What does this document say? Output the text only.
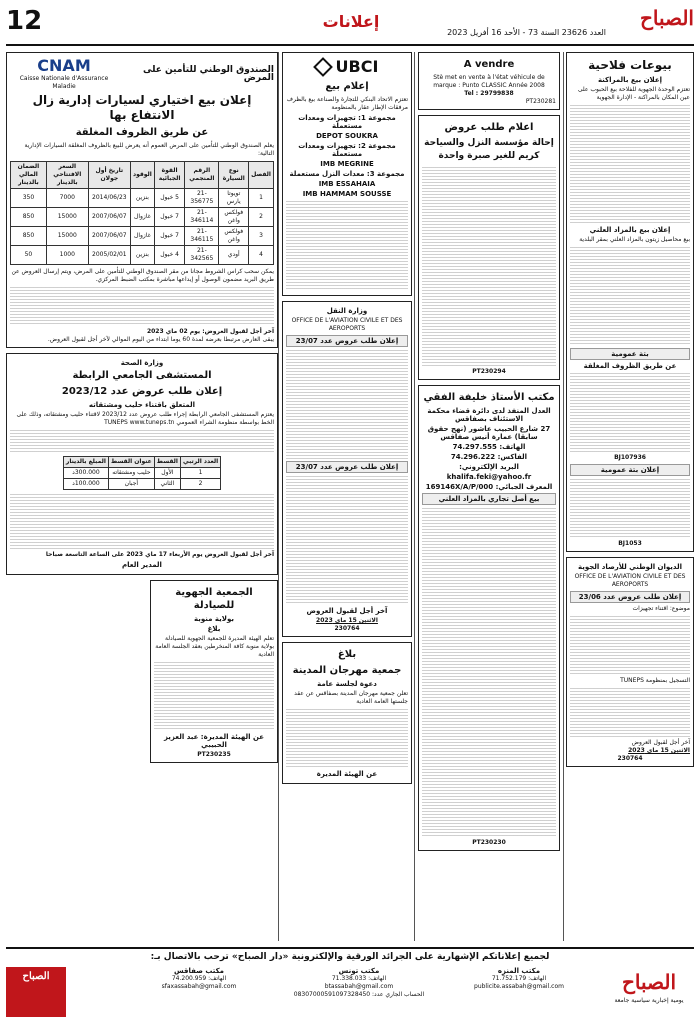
12	إعلانات
العدد 23626 السنة 73 - الأحد 16 أفريل 2023
الصباح
بيوعات فلاحية
إعلان بيع بالمراكنة
تعتزم الوحدة الجهوية للفلاحة بيع الحبوب على عين المكان بالمراكنة - الإدارة الجهوية
إعلان بيع بالمزاد العلني
بيع محاصيل زيتون بالمزاد العلني بمقر البلدية
بتة عمومية
عن طريق الظروف المغلقة
BJ107936
إعلان بتة عمومية
BJ1053
الديوان الوطني للأرصاد الجوية
OFFICE DE L'AVIATION CIVILE ET DES AEROPORTS
إعلان طلب عروض عدد 23/06
موضوع: اقتناء تجهيزات
التسجيل بمنظومة TUNEPS
آخر أجل لقبول العروض
الاثنين 15 ماي 2023
230764
A vendre
Stè met en vente à l'état véhicule de marque : Punto CLASSIC Année 2008
Tel : 29799838
PT230281
اعلام طلب عروض
إحالة مؤسسة النزل والسياحة كريم للغير صبرة واحدة
PT230294
مكتب الأستاذ خليفة الفقي
العدل المنفذ لدى دائرة قضاء محكمة الاستئناف بصفاقس
27 شارع الحبيب عاشور (نهج حقوق سابقا) عمارة أنيس صفاقس
الهاتف: 74.297.555
الفاكس: 74.296.222
البريد الإلكتروني:
khalifa.feki@yahoo.fr
المعرف الجبائي: 169146X/A/P/000
بيع أصل تجاري بالمزاد العلني
PT230230
UBCI
إعلام بيع
تعتزم الاتحاد البنكي للتجارة والصناعة بيع بالظرف مرفقات الإطار عقار بالمنظومة
مجموعة 1: تجهيزات ومعدات مستعملة
DEPOT SOUKRA
مجموعة 2: تجهيزات ومعدات مستعملة
IMB MEGRINE
مجموعة 3: معدات النزل مستعملة
IMB ESSAHAIA
IMB HAMMAM SOUSSE
وزارة النقل
OFFICE DE L'AVIATION CIVILE ET DES AEROPORTS
إعلان طلب عروض عدد 23/07
إعلان طلب عروض عدد 23/07
آخر أجل لقبول العروض
الاثنين 15 ماي 2023
230764
بلاغ
جمعية مهرجان المدينة
دعوة لجلسة عامة
تعلن جمعية مهرجان المدينة بصفاقس عن عقد جلستها العامة العادية
عن الهيئة المديرة
الصندوق الوطني للتأمين على المرض
CNAM
Caisse Nationale d'Assurance Maladie
إعلان بيع اختياري لسيارات إدارية زال الانتفاع بها
عن طريق الظروف المغلقة
يعلم الصندوق الوطني للتأمين على المرض العموم أنه يعرض للبيع بالظروف المغلقة السيارات الإدارية التالية:
الفصل	نوع السيارة	الرقم المنجمي	القوة الجبائية	الوقود	تاريخ أول جولان	السعر الافتتاحي بالدينار	الضمان المالي بالدينار
1	تويوتا يارس	21-356775	5 خيول	بنزين	2014/06/23	7000	350
2	فولكس واغن	21-346114	7 خيول	غازوال	2007/06/07	15000	850
3	فولكس واغن	21-346115	7 خيول	غازوال	2007/06/07	15000	850
4	أودي	21-342565	4 خيول	بنزين	2005/02/01	1000	50
يمكن سحب كراس الشروط مجانا من مقر الصندوق الوطني للتأمين على المرض، ويتم إرسال العروض عن طريق البريد مضمون الوصول أو إيداعها مباشرة بمكتب الضبط المركزي.
آخر أجل لقبول العروض: يوم 02 ماي 2023
يبقى العارض مرتبطا بعرضه لمدة 60 يوما ابتداء من اليوم الموالي لآخر أجل لقبول العروض.
وزارة الصحة
المستشفى الجامعي الرابطة
إعلان طلب عروض عدد 2023/12
المتعلق باقتناء حليب ومشتقاته
يعتزم المستشفى الجامعي الرابطة إجراء طلب عروض عدد 2023/12 لاقتناء حليب ومشتقاته، وذلك على الخط بواسطة منظومة الشراء العمومي TUNEPS www.tuneps.tn
العدد الرتبي	القسط	عنوان القسط	المبلغ بالدينار
1	الأول	حليب ومشتقاته	300.000د
2	الثاني	أجبان	100.000د
آخر أجل لقبول العروض يوم الأربعاء 17 ماي 2023 على الساعة التاسعة صباحا
المدير العام
الجمعية الجهوية للصيادلة
بولاية منوبة
بلاغ
تعلم الهيئة المديرة للجمعية الجهوية للصيادلة بولاية منوبة كافة المنخرطين بعقد الجلسة العامة العادية
عن الهيئة المديرة: عبد العزيز الحبيبي
PT230235
لجميع إعلاناتكم الإشهارية على الجرائد الورقية والإلكترونية «دار الصباح» ترحب بالاتصال بـ:
الصباح
يومية إخبارية سياسية جامعة
مكتب المنزه
الهاتف: 71.752.179
publicite.assabah@gmail.com
مكتب تونس
الهاتف: 71.338.033
btassabah@gmail.com
الحساب الجاري عدد: 08307000591097328450
مكتب صفاقس
الهاتف: 74.200.959
sfaxassabah@gmail.com
الصباح
